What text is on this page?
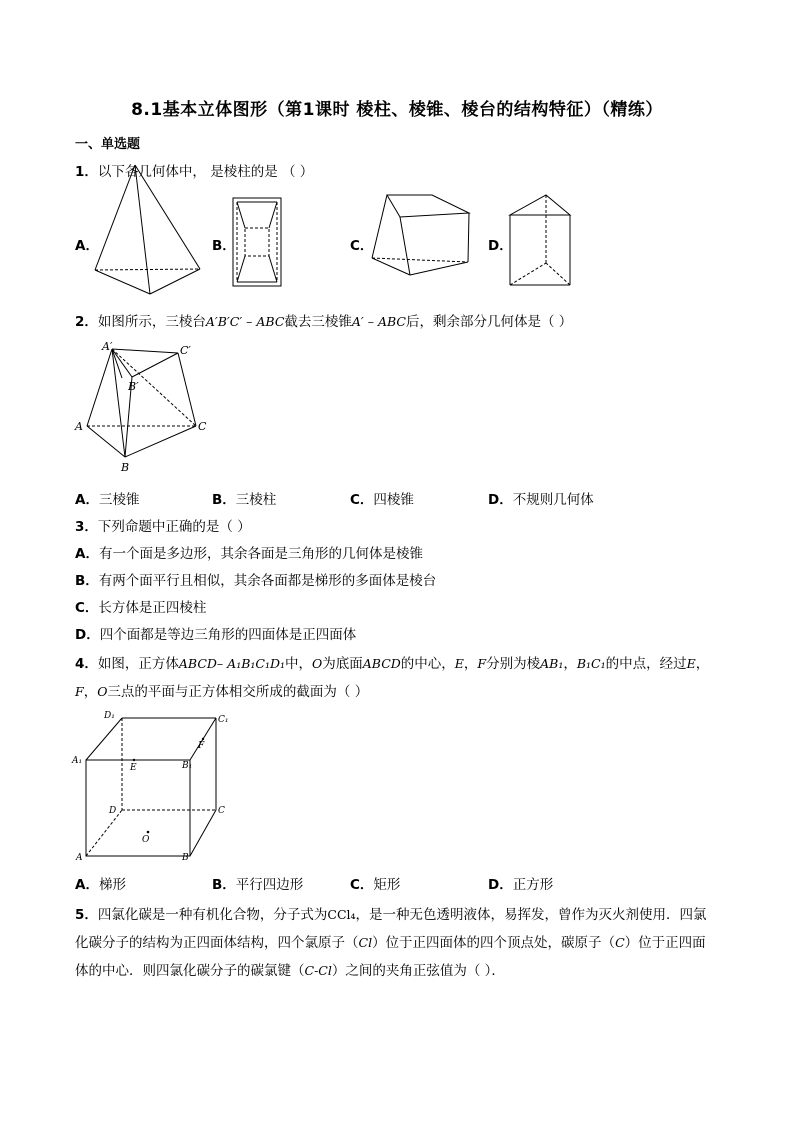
8.1基本立体图形（第1课时 棱柱、棱锥、棱台的结构特征）（精练）
一、单选题
1．以下各几何体中， 是棱柱的是 （ ）
A．	B．	C．	D．
2．如图所示，三棱台A′B′C′ – ABC截去三棱锥A′ – ABC后，剩余部分几何体是（ ）
A′	C′
B′
A	C
B
A．三棱锥	B．三棱柱	C．四棱锥	D．不规则几何体
3．下列命题中正确的是（ ）
A．有一个面是多边形，其余各面是三角形的几何体是棱锥
B．有两个面平行且相似，其余各面都是梯形的多面体是棱台
C．长方体是正四棱柱
D．四个面都是等边三角形的四面体是正四面体
4．如图，正方体ABCD– A₁B₁C₁D₁中，O为底面ABCD的中心，E，F分别为棱AB₁，B₁C₁的中点，经过E，
F，O三点的平面与正方体相交所成的截面为（ ）
D₁	C₁
A₁	B₁
E
F
D	C
O
A	B
A．梯形	B．平行四边形	C．矩形	D．正方形
5．四氯化碳是一种有机化合物，分子式为CCl₄，是一种无色透明液体，易挥发，曾作为灭火剂使用．四氯
化碳分子的结构为正四面体结构，四个氯原子（Cl）位于正四面体的四个顶点处，碳原子（C）位于正四面
体的中心．则四氯化碳分子的碳氯键（C-Cl）之间的夹角正弦值为（ ）．
